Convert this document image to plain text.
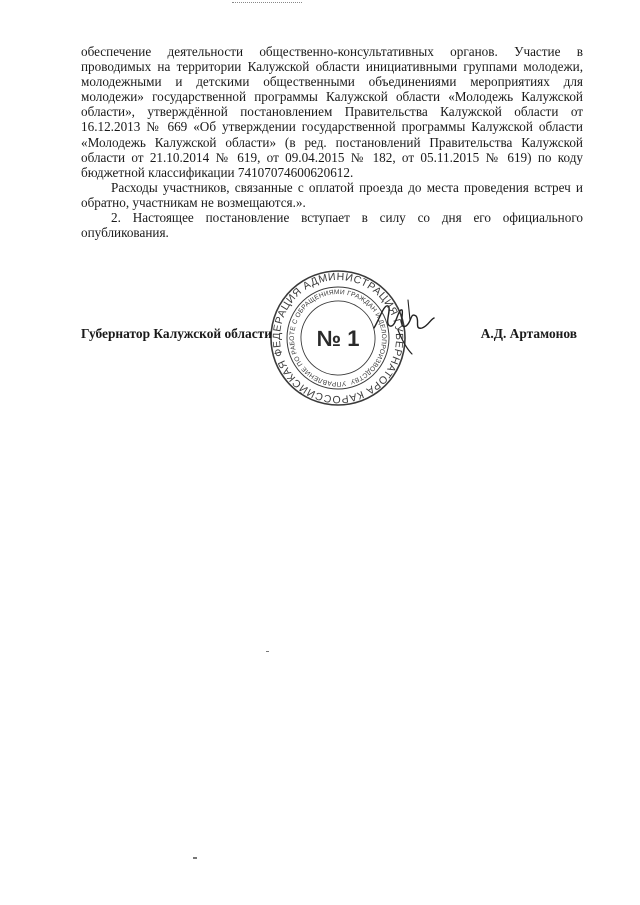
обеспечение деятельности общественно-консультативных органов. Участие в проводимых на территории Калужской области инициативными группами молодежи, молодежными и детскими общественными объединениями мероприятиях для молодежи» государственной программы Калужской области «Молодежь Калужской области», утверждённой постановлением Правительства Калужской области от 16.12.2013 № 669 «Об утверждении государственной программы Калужской области «Молодежь Калужской области» (в ред. постановлений Правительства Калужской области от 21.10.2014 № 619, от 09.04.2015 № 182, от 05.11.2015 № 619) по коду бюджетной классификации 74107074600620612.

Расходы участников, связанные с оплатой проезда до места проведения встреч и обратно, участникам не возмещаются.».

2. Настоящее постановление вступает в силу со дня его официального опубликования.

РОССИЙСКАЯ ФЕДЕРАЦИЯ АДМИНИСТРАЦИЯ ГУБЕРНАТОРА КАЛУЖСКОЙ
УПРАВЛЕНИЕ ПО РАБОТЕ С ОБРАЩЕНИЯМИ ГРАЖДАН И ДЕЛОПРОИЗВОДСТВУ
№ 1
Губернатор Калужской области	А.Д. Артамонов
